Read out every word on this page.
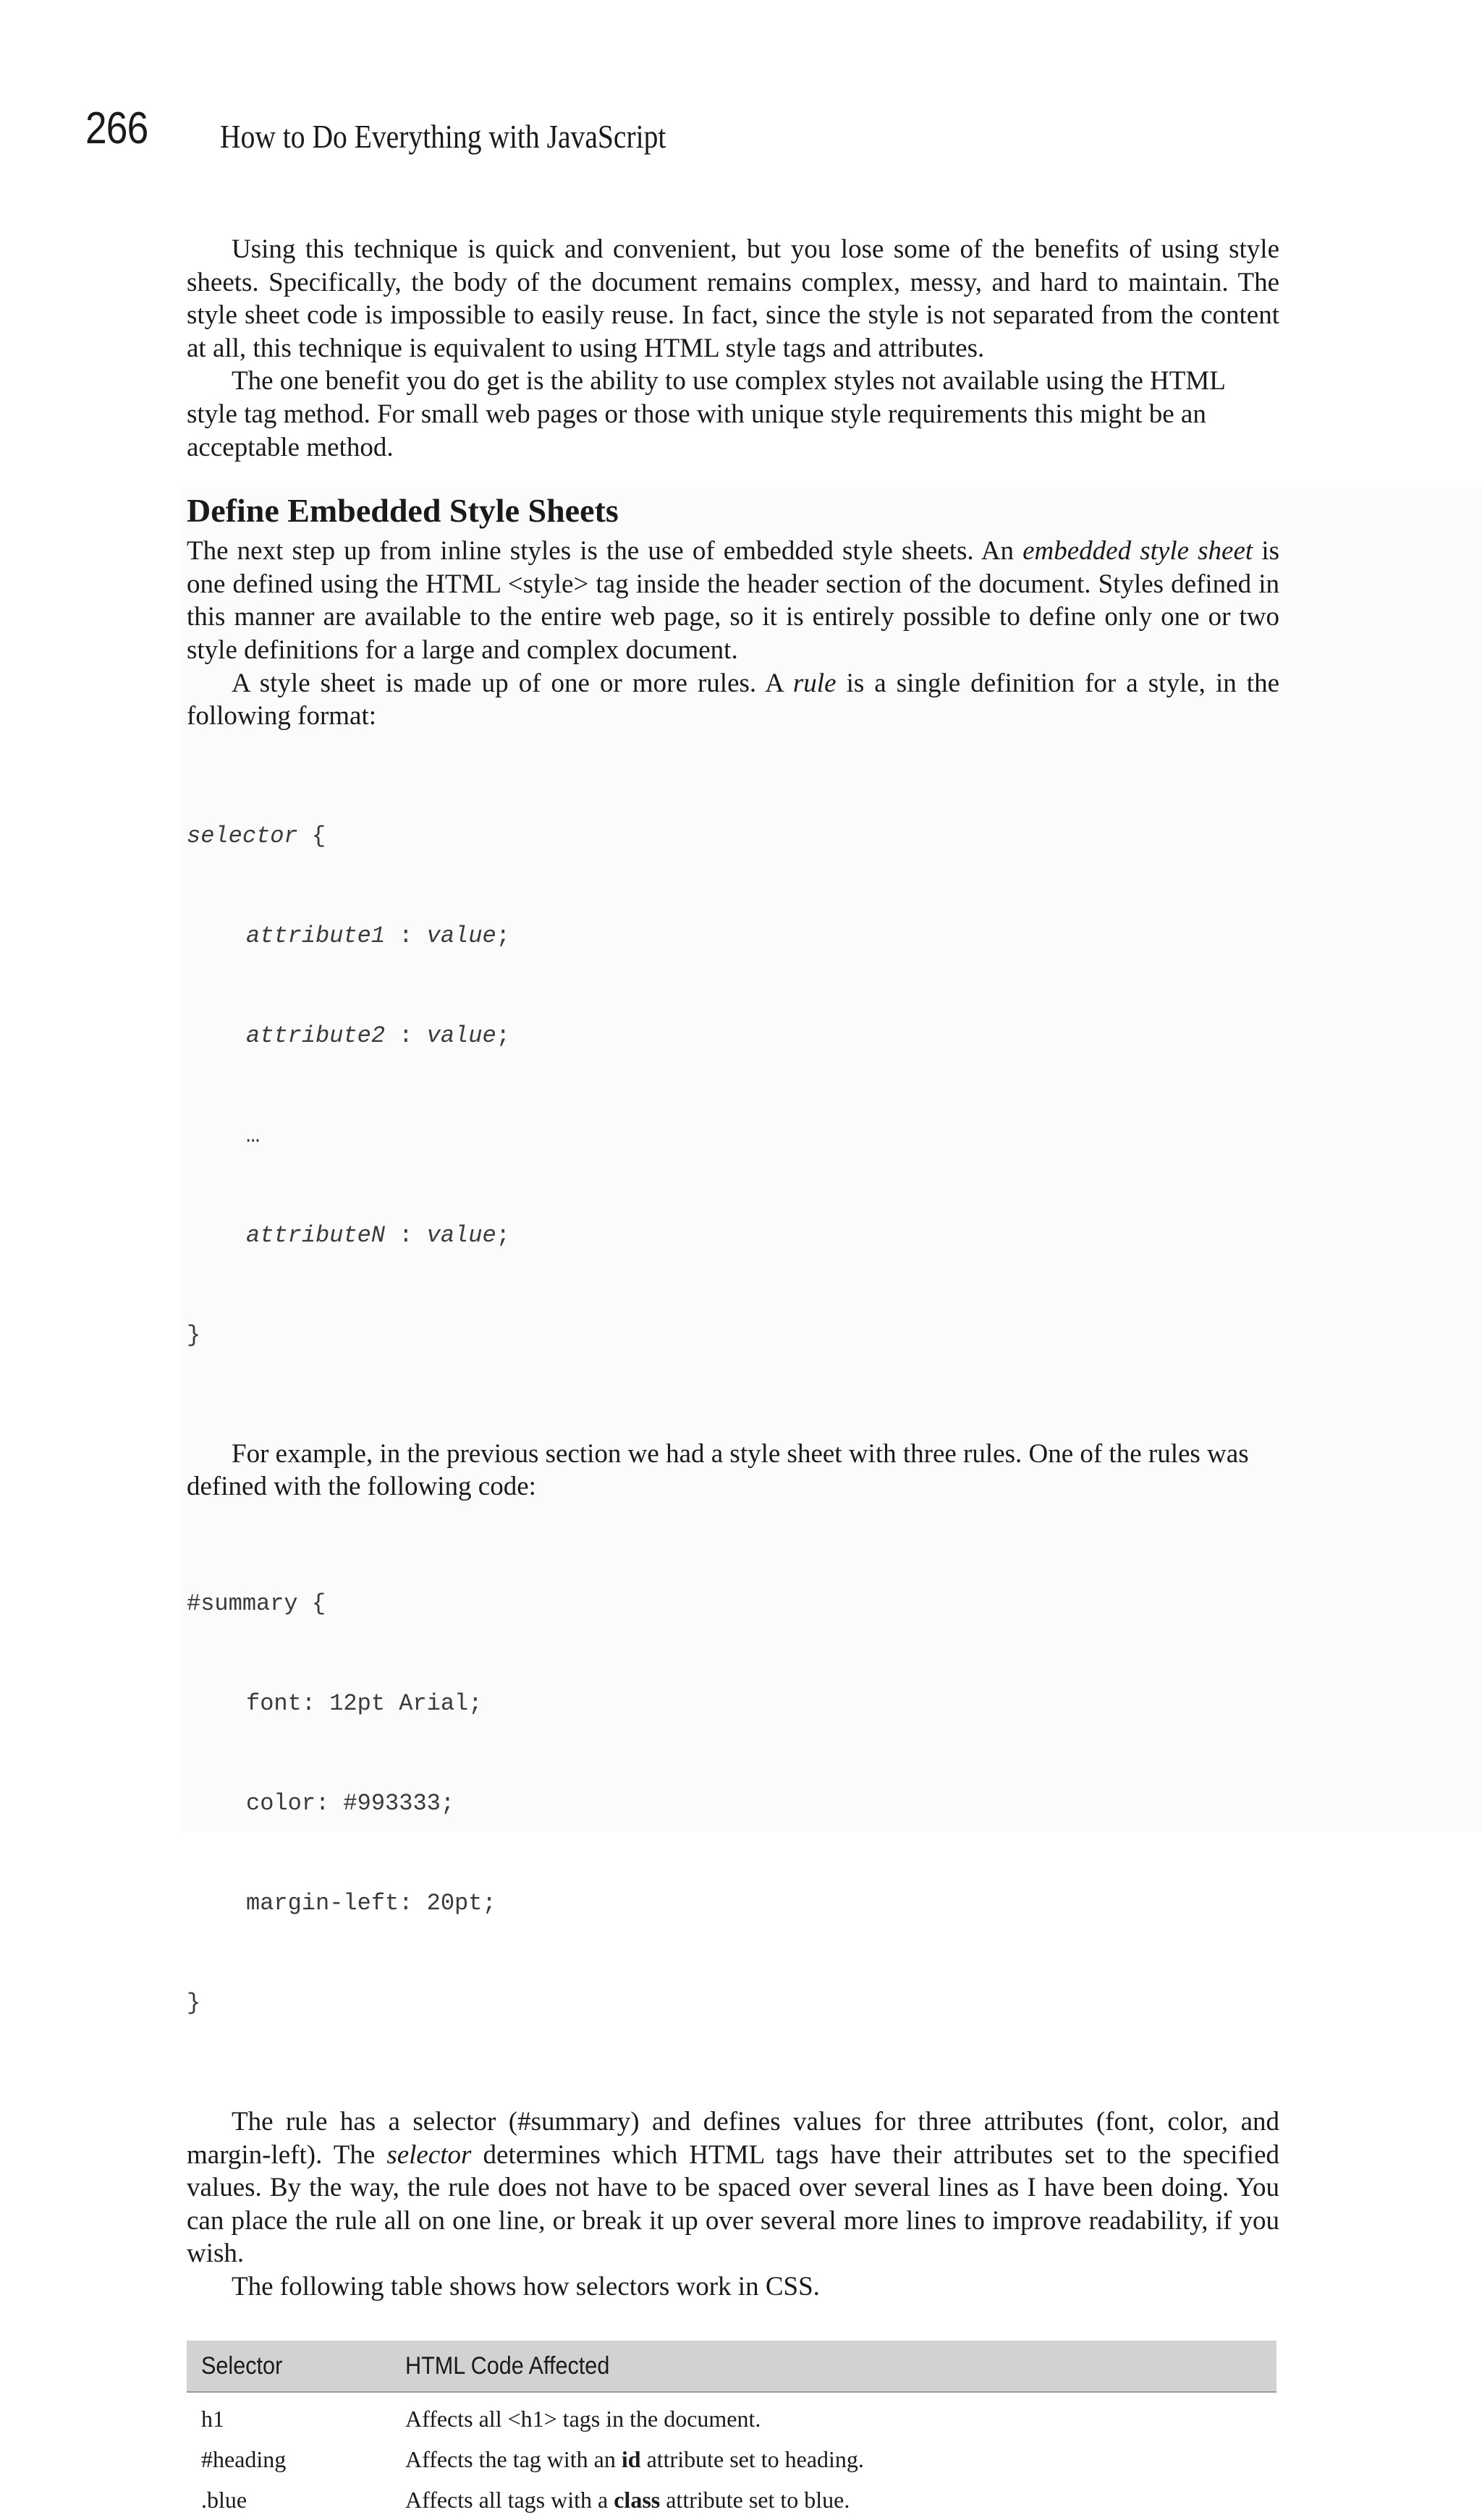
266 How to Do Everything with JavaScript

Using this technique is quick and convenient, but you lose some of the benefits of using style sheets. Specifically, the body of the document remains complex, messy, and hard to maintain. The style sheet code is impossible to easily reuse. In fact, since the style is not separated from the content at all, this technique is equivalent to using HTML style tags and attributes.

The one benefit you do get is the ability to use complex styles not available using the HTML style tag method. For small web pages or those with unique style requirements this might be an acceptable method.

Define Embedded Style Sheets

The next step up from inline styles is the use of embedded style sheets. An embedded style sheet is one defined using the HTML <style> tag inside the header section of the document. Styles defined in this manner are available to the entire web page, so it is entirely possible to define only one or two style definitions for a large and complex document.

A style sheet is made up of one or more rules. A rule is a single definition for a style, in the following format:

selector {

attribute1 : value;

attribute2 : value;

…

attributeN : value;

}

For example, in the previous section we had a style sheet with three rules. One of the rules was defined with the following code:

#summary {

font: 12pt Arial;

color: #993333;

margin-left: 20pt;

}

The rule has a selector (#summary) and defines values for three attributes (font, color, and margin-left). The selector determines which HTML tags have their attributes set to the specified values. By the way, the rule does not have to be spaced over several lines as I have been doing. You can place the rule all on one line, or break it up over several more lines to improve readability, if you wish.

The following table shows how selectors work in CSS.

Selector	HTML Code Affected
h1	Affects all <h1> tags in the document.
#heading	Affects the tag with an id attribute set to heading.
.blue	Affects all tags with a class attribute set to blue.
